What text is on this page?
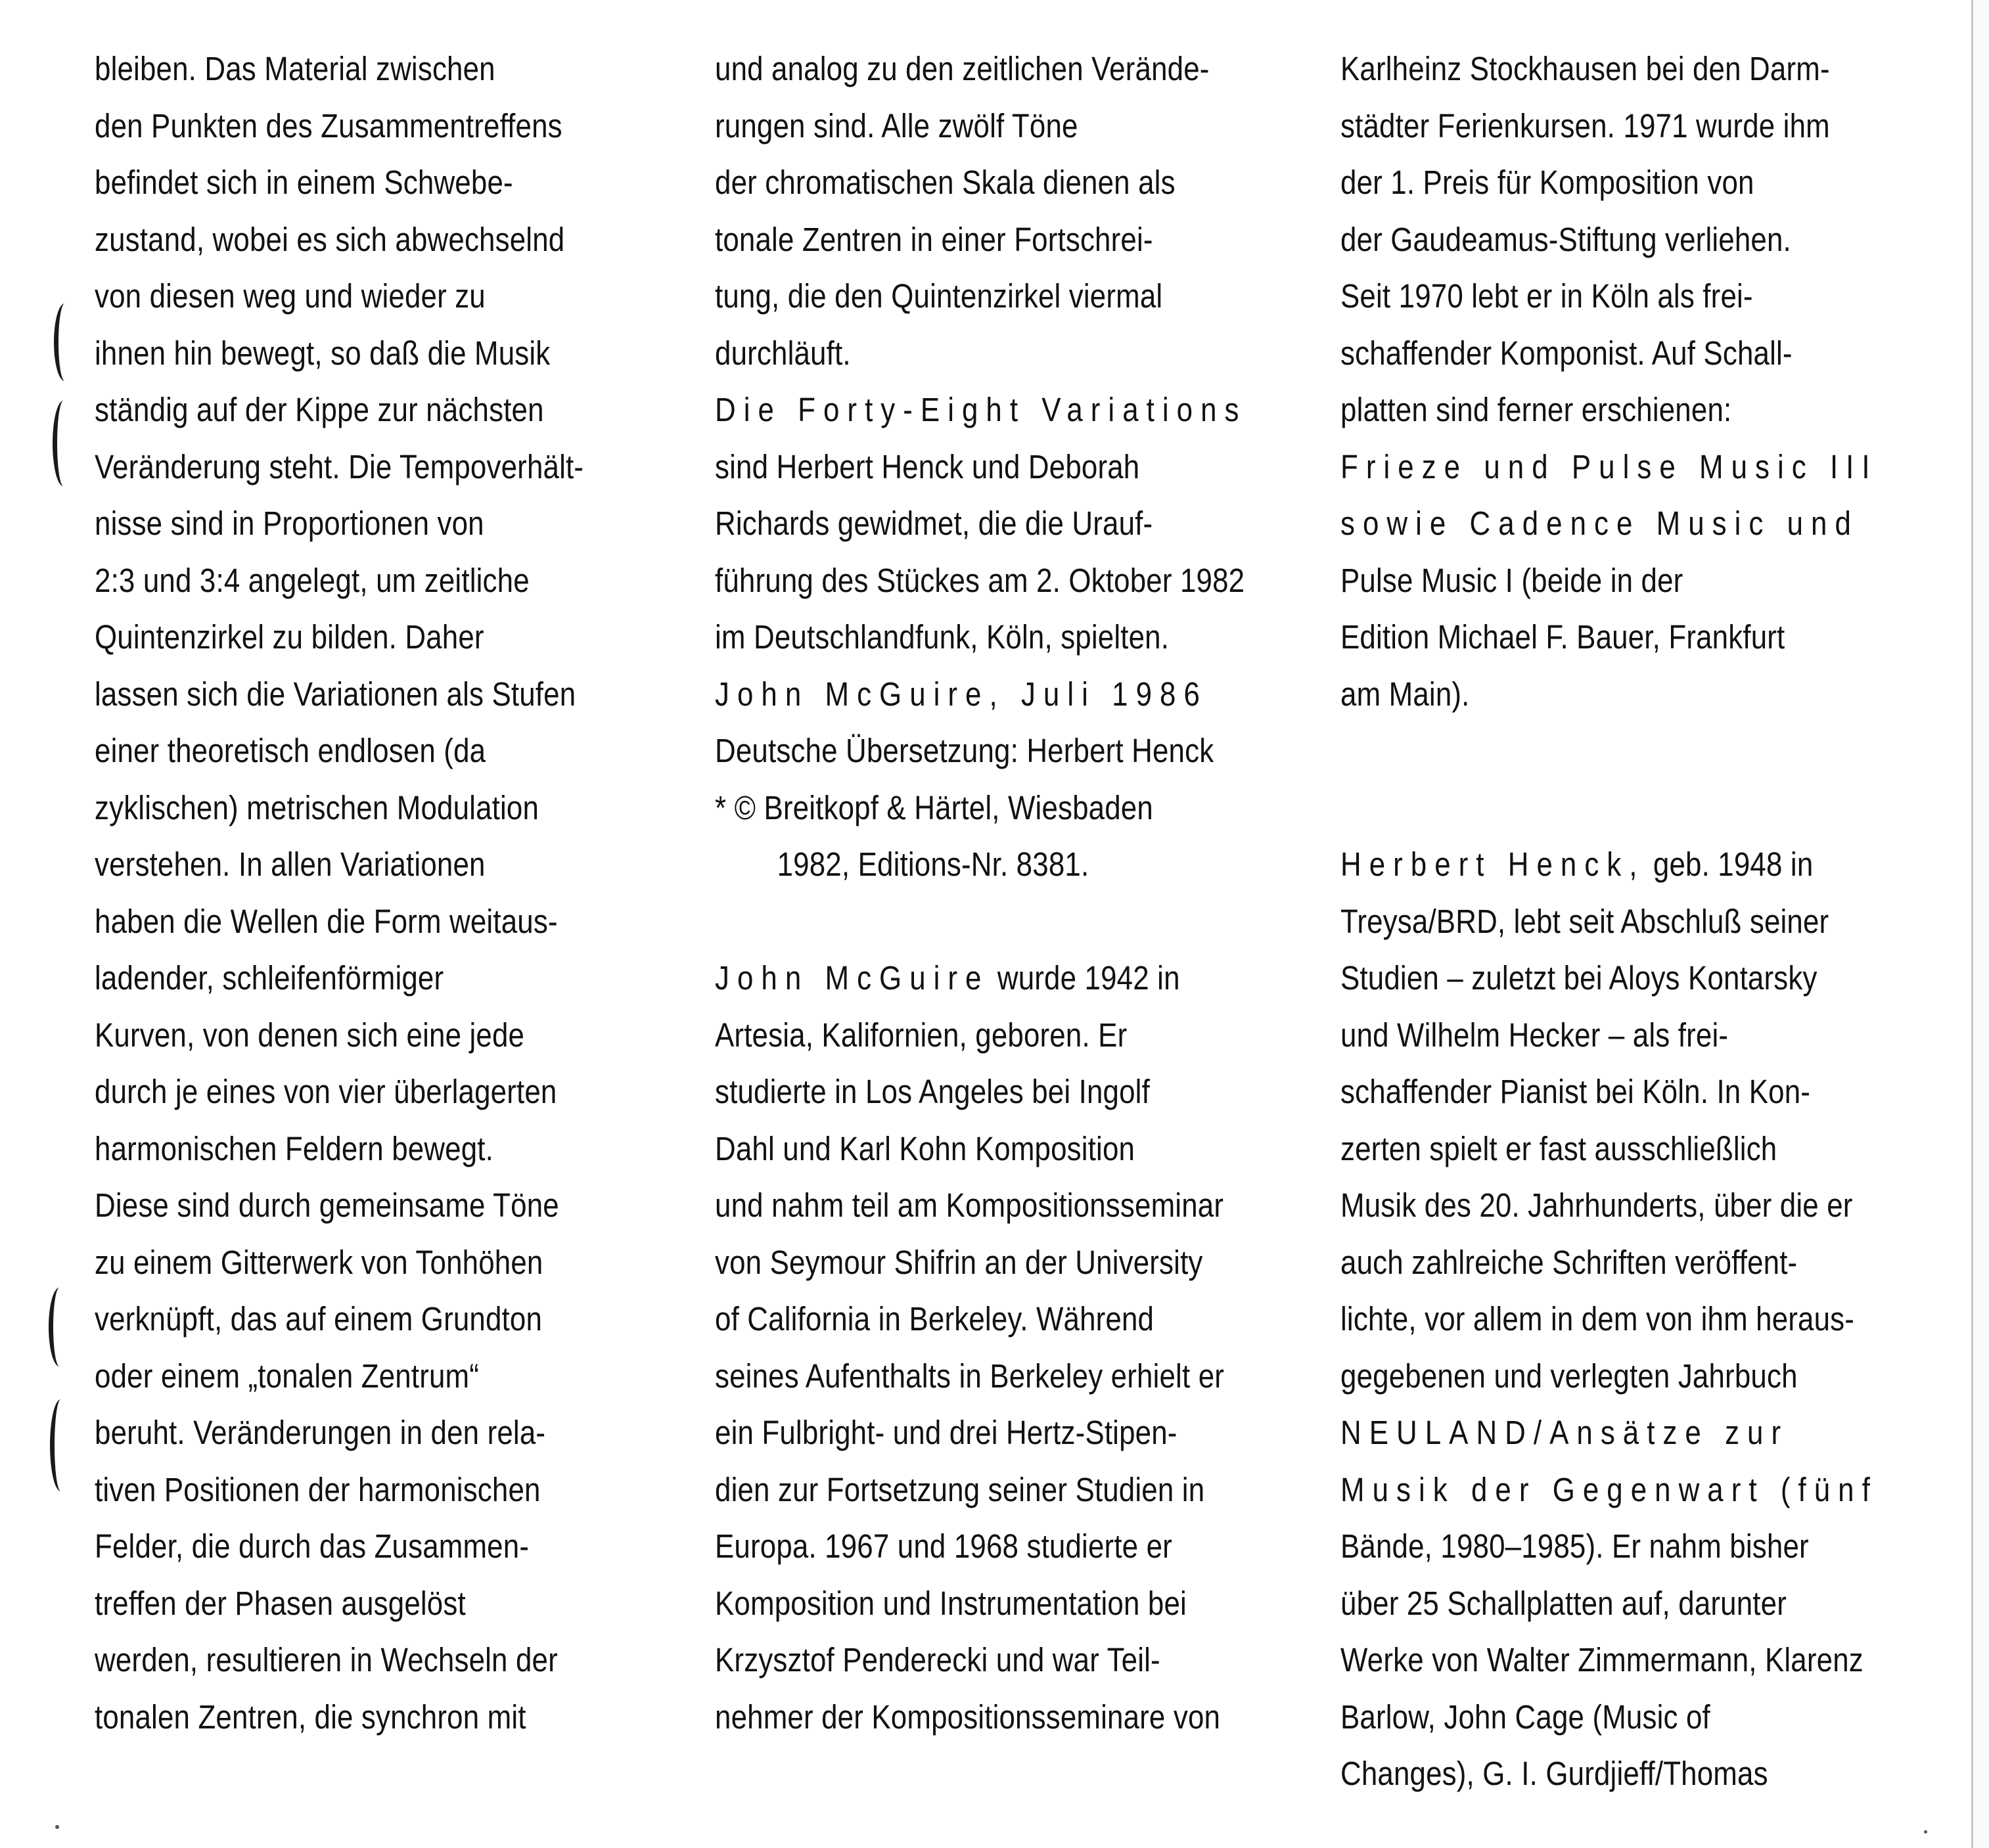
bleiben. Das Material zwischen
den Punkten des Zusammentreffens
befindet sich in einem Schwebe-
zustand, wobei es sich abwechselnd
von diesen weg und wieder zu
ihnen hin bewegt, so daß die Musik
ständig auf der Kippe zur nächsten
Veränderung steht. Die Tempoverhält-
nisse sind in Proportionen von
2:3 und 3:4 angelegt, um zeitliche
Quintenzirkel zu bilden. Daher
lassen sich die Variationen als Stufen
einer theoretisch endlosen (da
zyklischen) metrischen Modulation
verstehen. In allen Variationen
haben die Wellen die Form weitaus-
ladender, schleifenförmiger
Kurven, von denen sich eine jede
durch je eines von vier überlagerten
harmonischen Feldern bewegt.
Diese sind durch gemeinsame Töne
zu einem Gitterwerk von Tonhöhen
verknüpft, das auf einem Grundton
oder einem „tonalen Zentrum“
beruht. Veränderungen in den rela-
tiven Positionen der harmonischen
Felder, die durch das Zusammen-
treffen der Phasen ausgelöst
werden, resultieren in Wechseln der
tonalen Zentren, die synchron mit
und analog zu den zeitlichen Verände-
rungen sind. Alle zwölf Töne
der chromatischen Skala dienen als
tonale Zentren in einer Fortschrei-
tung, die den Quintenzirkel viermal
durchläuft.
Die Forty-Eight Variations
sind Herbert Henck und Deborah
Richards gewidmet, die die Urauf-
führung des Stückes am 2. Oktober 1982
im Deutschlandfunk, Köln, spielten.
John McGuire, Juli 1986
Deutsche Übersetzung: Herbert Henck
* © Breitkopf & Härtel, Wiesbaden
1982, Editions-Nr. 8381.
John McGuire wurde 1942 in
Artesia, Kalifornien, geboren. Er
studierte in Los Angeles bei Ingolf
Dahl und Karl Kohn Komposition
und nahm teil am Kompositionsseminar
von Seymour Shifrin an der University
of California in Berkeley. Während
seines Aufenthalts in Berkeley erhielt er
ein Fulbright- und drei Hertz-Stipen-
dien zur Fortsetzung seiner Studien in
Europa. 1967 und 1968 studierte er
Komposition und Instrumentation bei
Krzysztof Penderecki und war Teil-
nehmer der Kompositionsseminare von
Karlheinz Stockhausen bei den Darm-
städter Ferienkursen. 1971 wurde ihm
der 1. Preis für Komposition von
der Gaudeamus-Stiftung verliehen.
Seit 1970 lebt er in Köln als frei-
schaffender Komponist. Auf Schall-
platten sind ferner erschienen:
Frieze und Pulse Music III
sowie Cadence Music und
Pulse Music I (beide in der
Edition Michael F. Bauer, Frankfurt
am Main).
Herbert Henck, geb. 1948 in
Treysa/BRD, lebt seit Abschluß seiner
Studien – zuletzt bei Aloys Kontarsky
und Wilhelm Hecker – als frei-
schaffender Pianist bei Köln. In Kon-
zerten spielt er fast ausschließlich
Musik des 20. Jahrhunderts, über die er
auch zahlreiche Schriften veröffent-
lichte, vor allem in dem von ihm heraus-
gegebenen und verlegten Jahrbuch
NEULAND/Ansätze zur
Musik der Gegenwart (fünf
Bände, 1980–1985). Er nahm bisher
über 25 Schallplatten auf, darunter
Werke von Walter Zimmermann, Klarenz
Barlow, John Cage (Music of
Changes), G. I. Gurdjieff/Thomas
